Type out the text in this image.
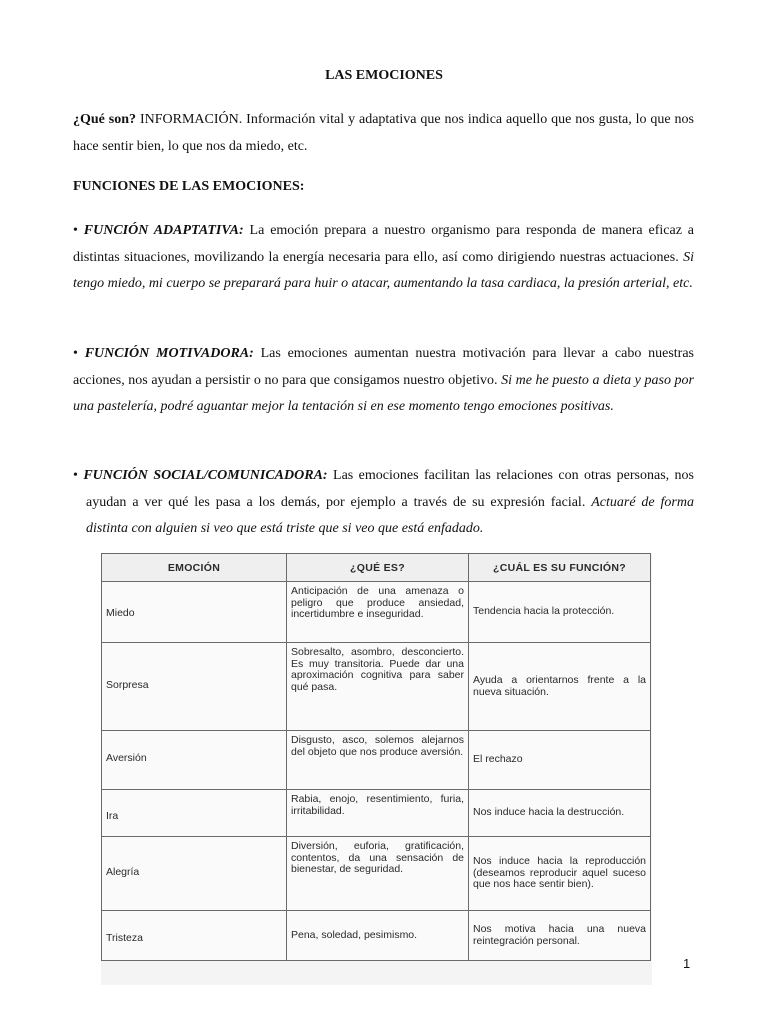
LAS EMOCIONES
¿Qué son? INFORMACIÓN. Información vital y adaptativa que nos indica aquello que nos gusta, lo que nos hace sentir bien, lo que nos da miedo, etc.
FUNCIONES DE LAS EMOCIONES:
• FUNCIÓN ADAPTATIVA: La emoción prepara a nuestro organismo para responda de manera eficaz a distintas situaciones, movilizando la energía necesaria para ello, así como dirigiendo nuestras actuaciones. Si tengo miedo, mi cuerpo se preparará para huir o atacar, aumentando la tasa cardiaca, la presión arterial, etc.
• FUNCIÓN MOTIVADORA: Las emociones aumentan nuestra motivación para llevar a cabo nuestras acciones, nos ayudan a persistir o no para que consigamos nuestro objetivo. Si me he puesto a dieta y paso por una pastelería, podré aguantar mejor la tentación si en ese momento tengo emociones positivas.
• FUNCIÓN SOCIAL/COMUNICADORA: Las emociones facilitan las relaciones con otras personas, nos ayudan a ver qué les pasa a los demás, por ejemplo a través de su expresión facial. Actuaré de forma distinta con alguien si veo que está triste que si veo que está enfadado.
EMOCIÓN	¿QUÉ ES?	¿CUÁL ES SU FUNCIÓN?
Miedo	Anticipación de una amenaza o peligro que produce ansiedad, incertidumbre e inseguridad.	Tendencia hacia la protección.
Sorpresa	Sobresalto, asombro, desconcierto. Es muy transitoria. Puede dar una aproximación cognitiva para saber qué pasa.	Ayuda a orientarnos frente a la nueva situación.
Aversión	Disgusto, asco, solemos alejarnos del objeto que nos produce aversión.	El rechazo
Ira	Rabia, enojo, resentimiento, furia, irritabilidad.	Nos induce hacia la destrucción.
Alegría	Diversión, euforia, gratificación, contentos, da una sensación de bienestar, de seguridad.	Nos induce hacia la reproducción (deseamos reproducir aquel suceso que nos hace sentir bien).
Tristeza	Pena, soledad, pesimismo.	Nos motiva hacia una nueva reintegración personal.
1
